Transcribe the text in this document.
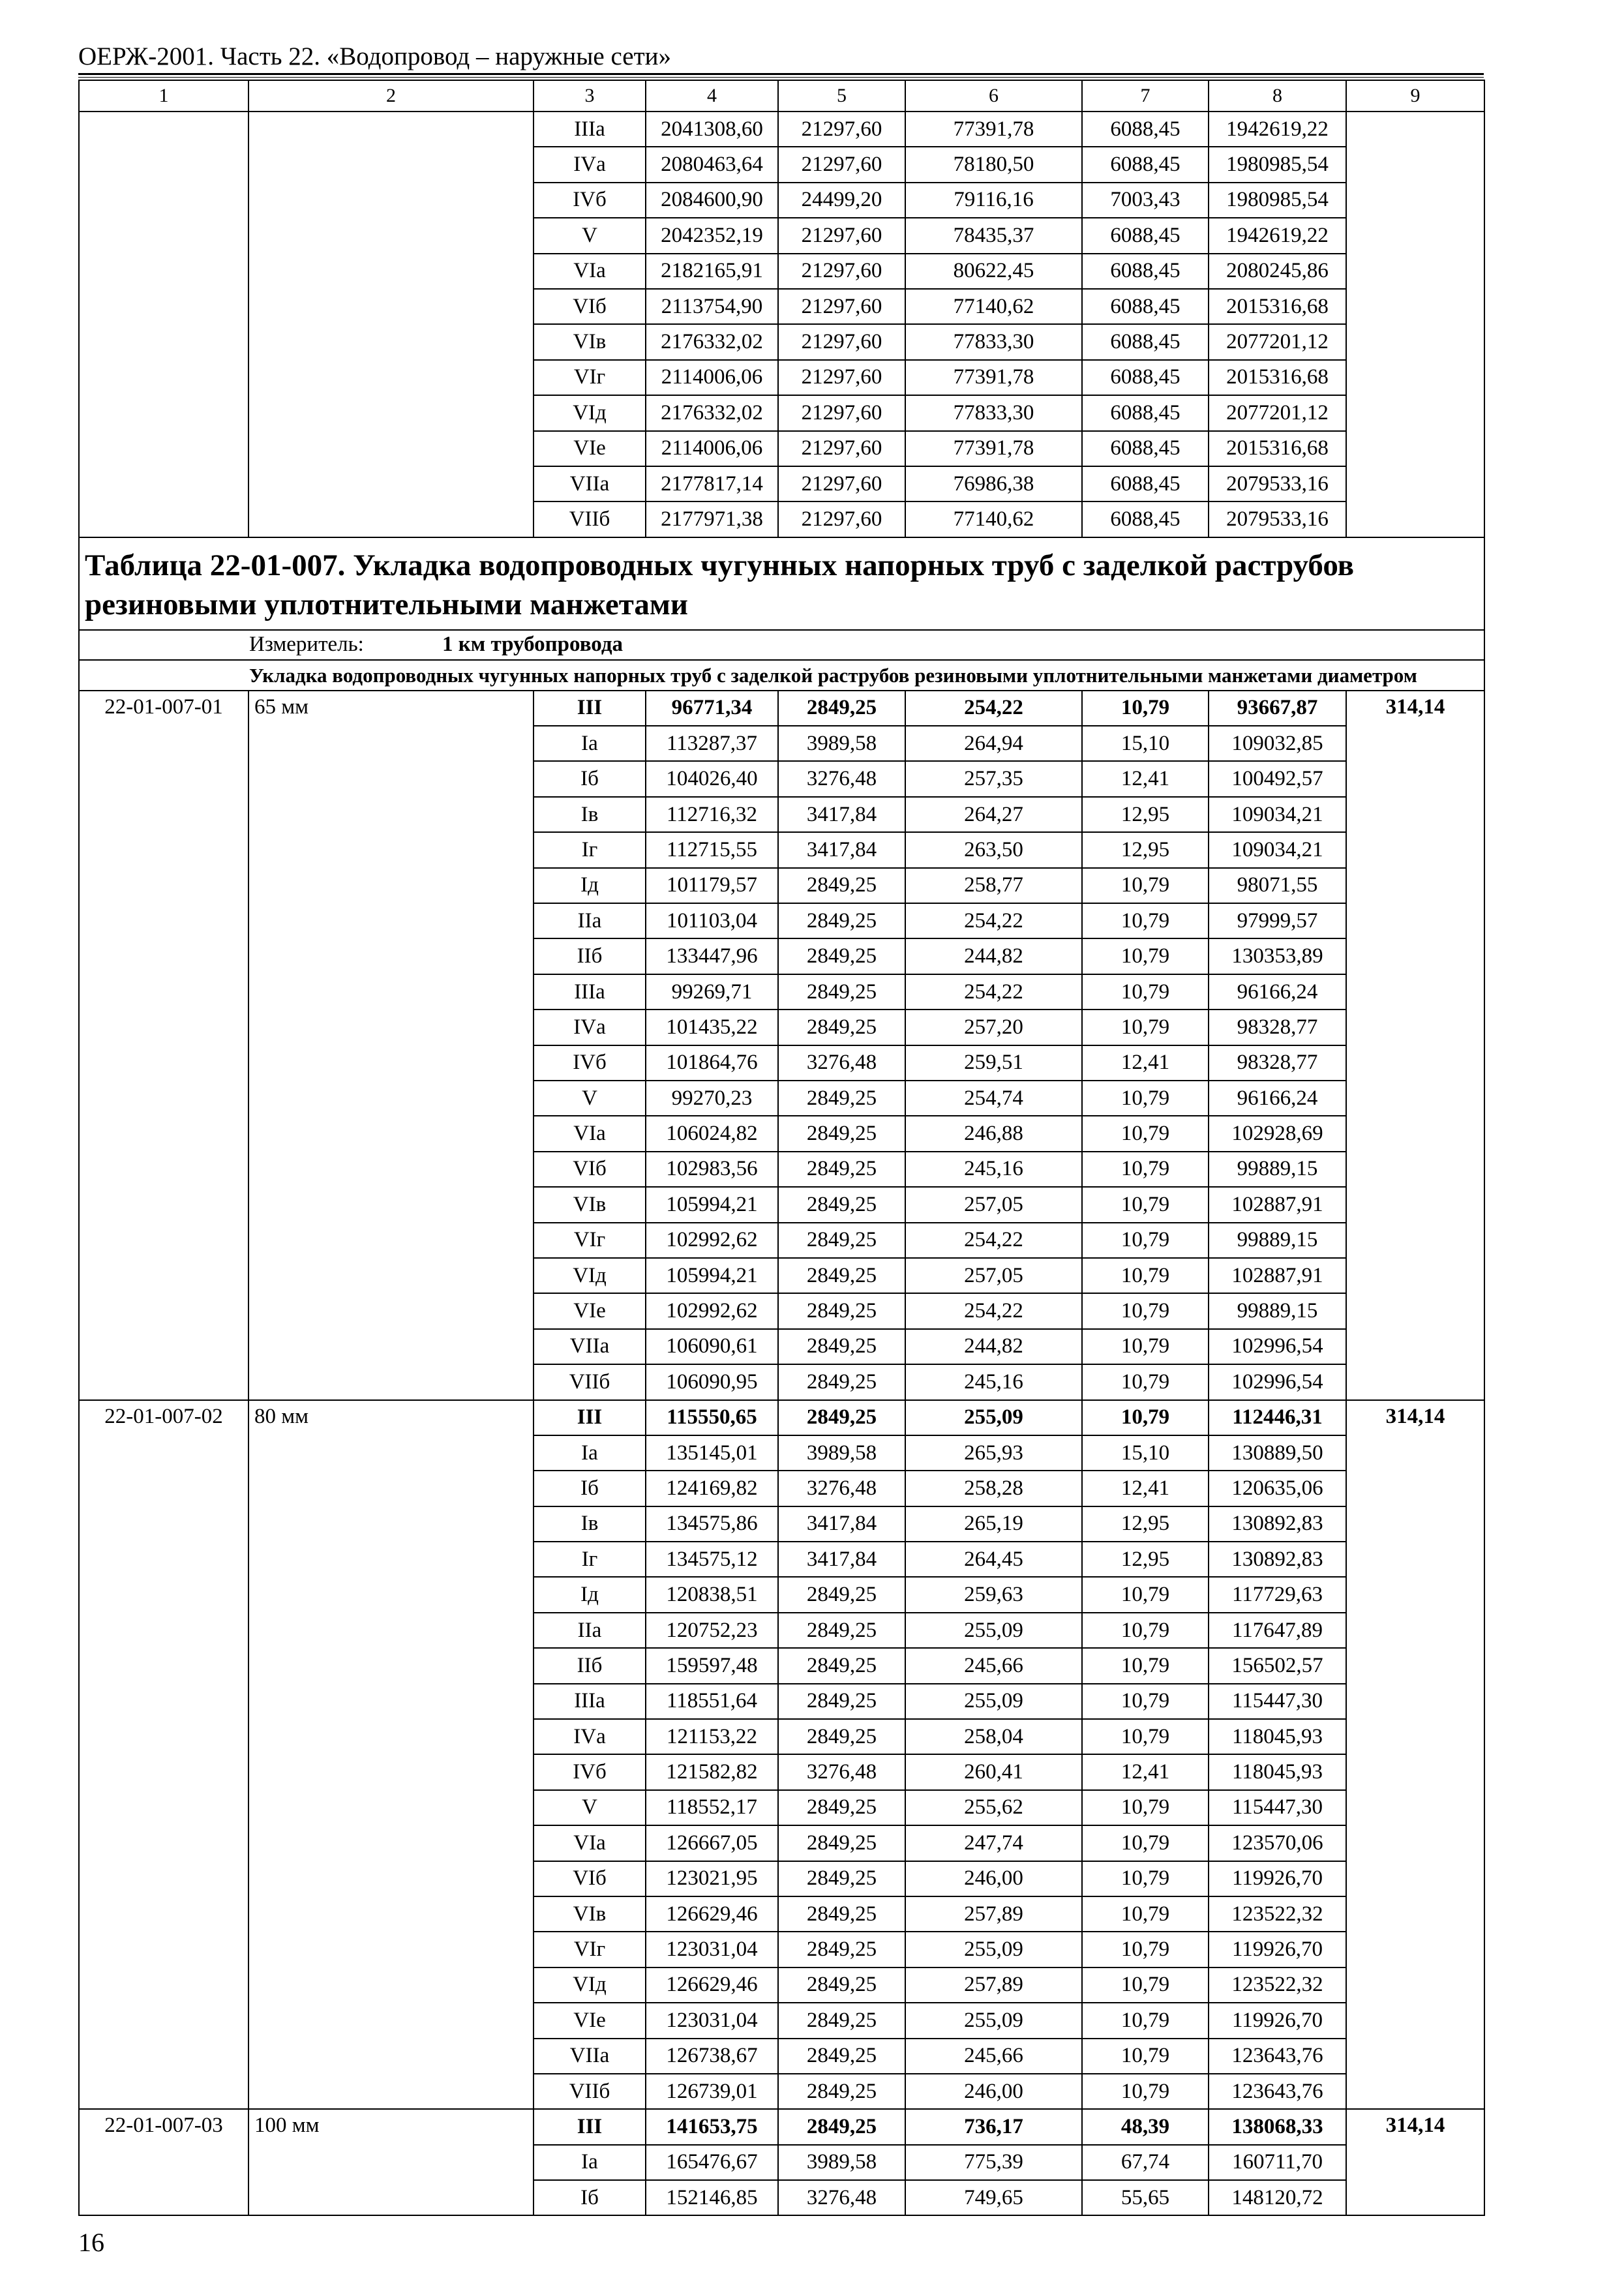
ОЕРЖ-2001. Часть 22. «Водопровод – наружные сети»
1	2	3	4	5	6	7	8	9
		IIIа	2041308,60	21297,60	77391,78	6088,45	1942619,22	
		IVа	2080463,64	21297,60	78180,50	6088,45	1980985,54	
		IVб	2084600,90	24499,20	79116,16	7003,43	1980985,54	
		V	2042352,19	21297,60	78435,37	6088,45	1942619,22	
		VIа	2182165,91	21297,60	80622,45	6088,45	2080245,86	
		VIб	2113754,90	21297,60	77140,62	6088,45	2015316,68	
		VIв	2176332,02	21297,60	77833,30	6088,45	2077201,12	
		VIг	2114006,06	21297,60	77391,78	6088,45	2015316,68	
		VIд	2176332,02	21297,60	77833,30	6088,45	2077201,12	
		VIе	2114006,06	21297,60	77391,78	6088,45	2015316,68	
		VIIа	2177817,14	21297,60	76986,38	6088,45	2079533,16	
		VIIб	2177971,38	21297,60	77140,62	6088,45	2079533,16	
Таблица 22-01-007. Укладка водопроводных чугунных напорных труб с заделкой раструбов резиновыми уплотнительными манжетами								
Измеритель: 1 км трубопровода								
Укладка водопроводных чугунных напорных труб с заделкой раструбов резиновыми уплотнительными манжетами диаметром								
22-01-007-01	65 мм	III	96771,34	2849,25	254,22	10,79	93667,87	314,14
		Iа	113287,37	3989,58	264,94	15,10	109032,85	
		Iб	104026,40	3276,48	257,35	12,41	100492,57	
		Iв	112716,32	3417,84	264,27	12,95	109034,21	
		Iг	112715,55	3417,84	263,50	12,95	109034,21	
		Iд	101179,57	2849,25	258,77	10,79	98071,55	
		IIа	101103,04	2849,25	254,22	10,79	97999,57	
		IIб	133447,96	2849,25	244,82	10,79	130353,89	
		IIIа	99269,71	2849,25	254,22	10,79	96166,24	
		IVа	101435,22	2849,25	257,20	10,79	98328,77	
		IVб	101864,76	3276,48	259,51	12,41	98328,77	
		V	99270,23	2849,25	254,74	10,79	96166,24	
		VIа	106024,82	2849,25	246,88	10,79	102928,69	
		VIб	102983,56	2849,25	245,16	10,79	99889,15	
		VIв	105994,21	2849,25	257,05	10,79	102887,91	
		VIг	102992,62	2849,25	254,22	10,79	99889,15	
		VIд	105994,21	2849,25	257,05	10,79	102887,91	
		VIе	102992,62	2849,25	254,22	10,79	99889,15	
		VIIа	106090,61	2849,25	244,82	10,79	102996,54	
		VIIб	106090,95	2849,25	245,16	10,79	102996,54	
22-01-007-02	80 мм	III	115550,65	2849,25	255,09	10,79	112446,31	314,14
		Iа	135145,01	3989,58	265,93	15,10	130889,50	
		Iб	124169,82	3276,48	258,28	12,41	120635,06	
		Iв	134575,86	3417,84	265,19	12,95	130892,83	
		Iг	134575,12	3417,84	264,45	12,95	130892,83	
		Iд	120838,51	2849,25	259,63	10,79	117729,63	
		IIа	120752,23	2849,25	255,09	10,79	117647,89	
		IIб	159597,48	2849,25	245,66	10,79	156502,57	
		IIIа	118551,64	2849,25	255,09	10,79	115447,30	
		IVа	121153,22	2849,25	258,04	10,79	118045,93	
		IVб	121582,82	3276,48	260,41	12,41	118045,93	
		V	118552,17	2849,25	255,62	10,79	115447,30	
		VIа	126667,05	2849,25	247,74	10,79	123570,06	
		VIб	123021,95	2849,25	246,00	10,79	119926,70	
		VIв	126629,46	2849,25	257,89	10,79	123522,32	
		VIг	123031,04	2849,25	255,09	10,79	119926,70	
		VIд	126629,46	2849,25	257,89	10,79	123522,32	
		VIе	123031,04	2849,25	255,09	10,79	119926,70	
		VIIа	126738,67	2849,25	245,66	10,79	123643,76	
		VIIб	126739,01	2849,25	246,00	10,79	123643,76	
22-01-007-03	100 мм	III	141653,75	2849,25	736,17	48,39	138068,33	314,14
		Iа	165476,67	3989,58	775,39	67,74	160711,70	
		Iб	152146,85	3276,48	749,65	55,65	148120,72	
16
